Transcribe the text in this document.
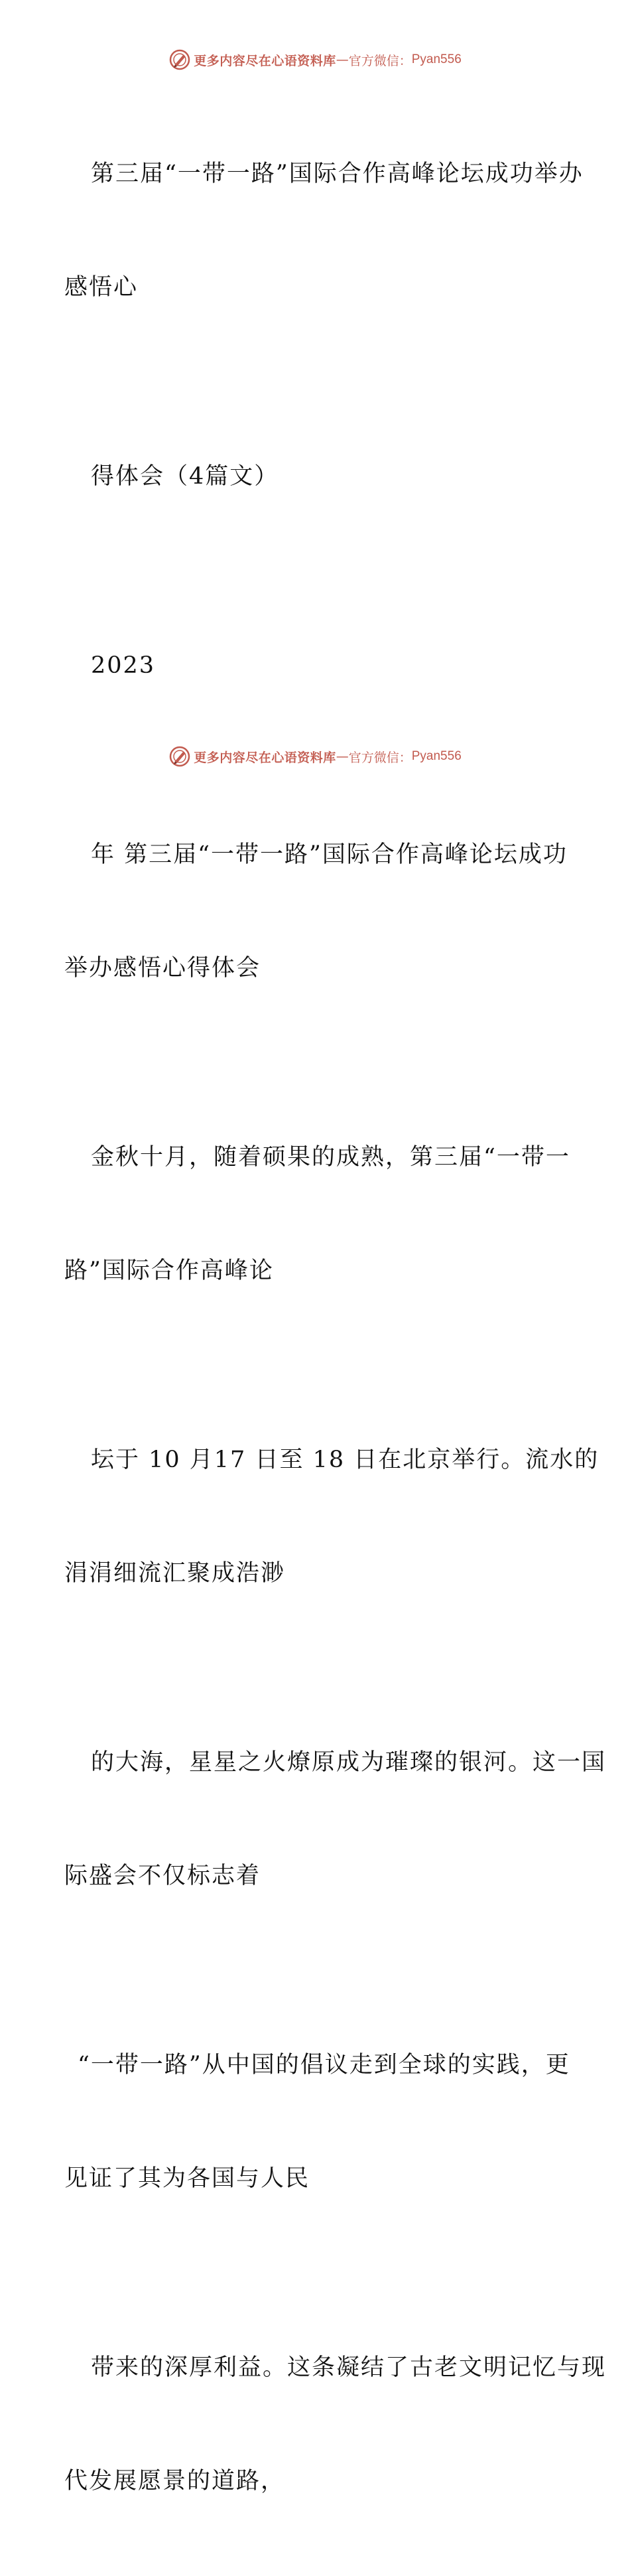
更多内容尽在心语资料库 — 官方微信： Pyan556

第三届“一带一路”国际合作高峰论坛成功举办

感悟心

得体会（4篇文）

2023

年 第三届“一带一路”国际合作高峰论坛成功

举办感悟心得体会

金秋十月，随着硕果的成熟，第三届“一带一

路”国际合作高峰论

坛于 10 月17 日至 18 日在北京举行。流水的

涓涓细流汇聚成浩渺

的大海，星星之火燎原成为璀璨的银河。这一国

际盛会不仅标志着

“一带一路”从中国的倡议走到全球的实践，更

见证了其为各国与人民

带来的深厚利益。这条凝结了古老文明记忆与现

代发展愿景的道路，

更多内容尽在心语资料库 — 官方微信： Pyan556
